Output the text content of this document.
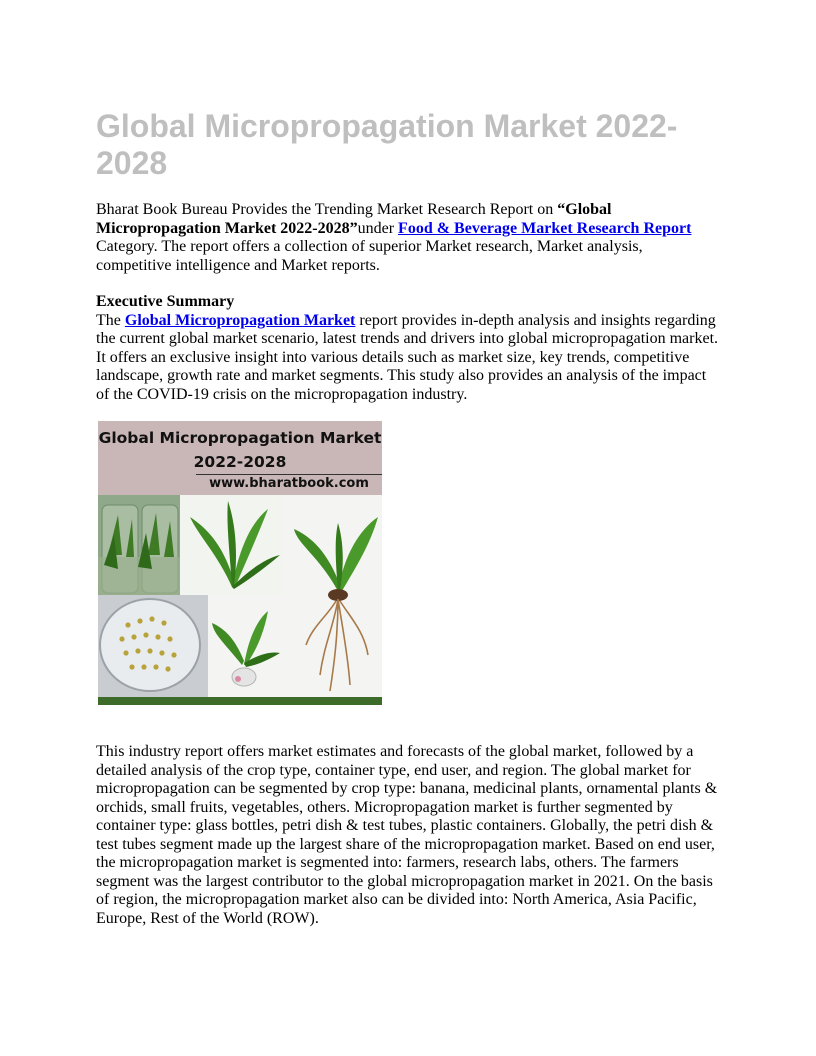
Global Micropropagation Market 2022-2028

Bharat Book Bureau Provides the Trending Market Research Report on “Global Micropropagation Market 2022-2028”under Food & Beverage Market Research Report Category. The report offers a collection of superior Market research, Market analysis, competitive intelligence and Market reports.

Executive Summary
The Global Micropropagation Market report provides in-depth analysis and insights regarding the current global market scenario, latest trends and drivers into global micropropagation market. It offers an exclusive insight into various details such as market size, key trends, competitive landscape, growth rate and market segments. This study also provides an analysis of the impact of the COVID-19 crisis on the micropropagation industry.

Global Micropropagation Market
2022-2028
www.bharatbook.com

This industry report offers market estimates and forecasts of the global market, followed by a detailed analysis of the crop type, container type, end user, and region. The global market for micropropagation can be segmented by crop type: banana, medicinal plants, ornamental plants & orchids, small fruits, vegetables, others. Micropropagation market is further segmented by container type: glass bottles, petri dish & test tubes, plastic containers. Globally, the petri dish & test tubes segment made up the largest share of the micropropagation market. Based on end user, the micropropagation market is segmented into: farmers, research labs, others. The farmers segment was the largest contributor to the global micropropagation market in 2021. On the basis of region, the micropropagation market also can be divided into: North America, Asia Pacific, Europe, Rest of the World (ROW).
